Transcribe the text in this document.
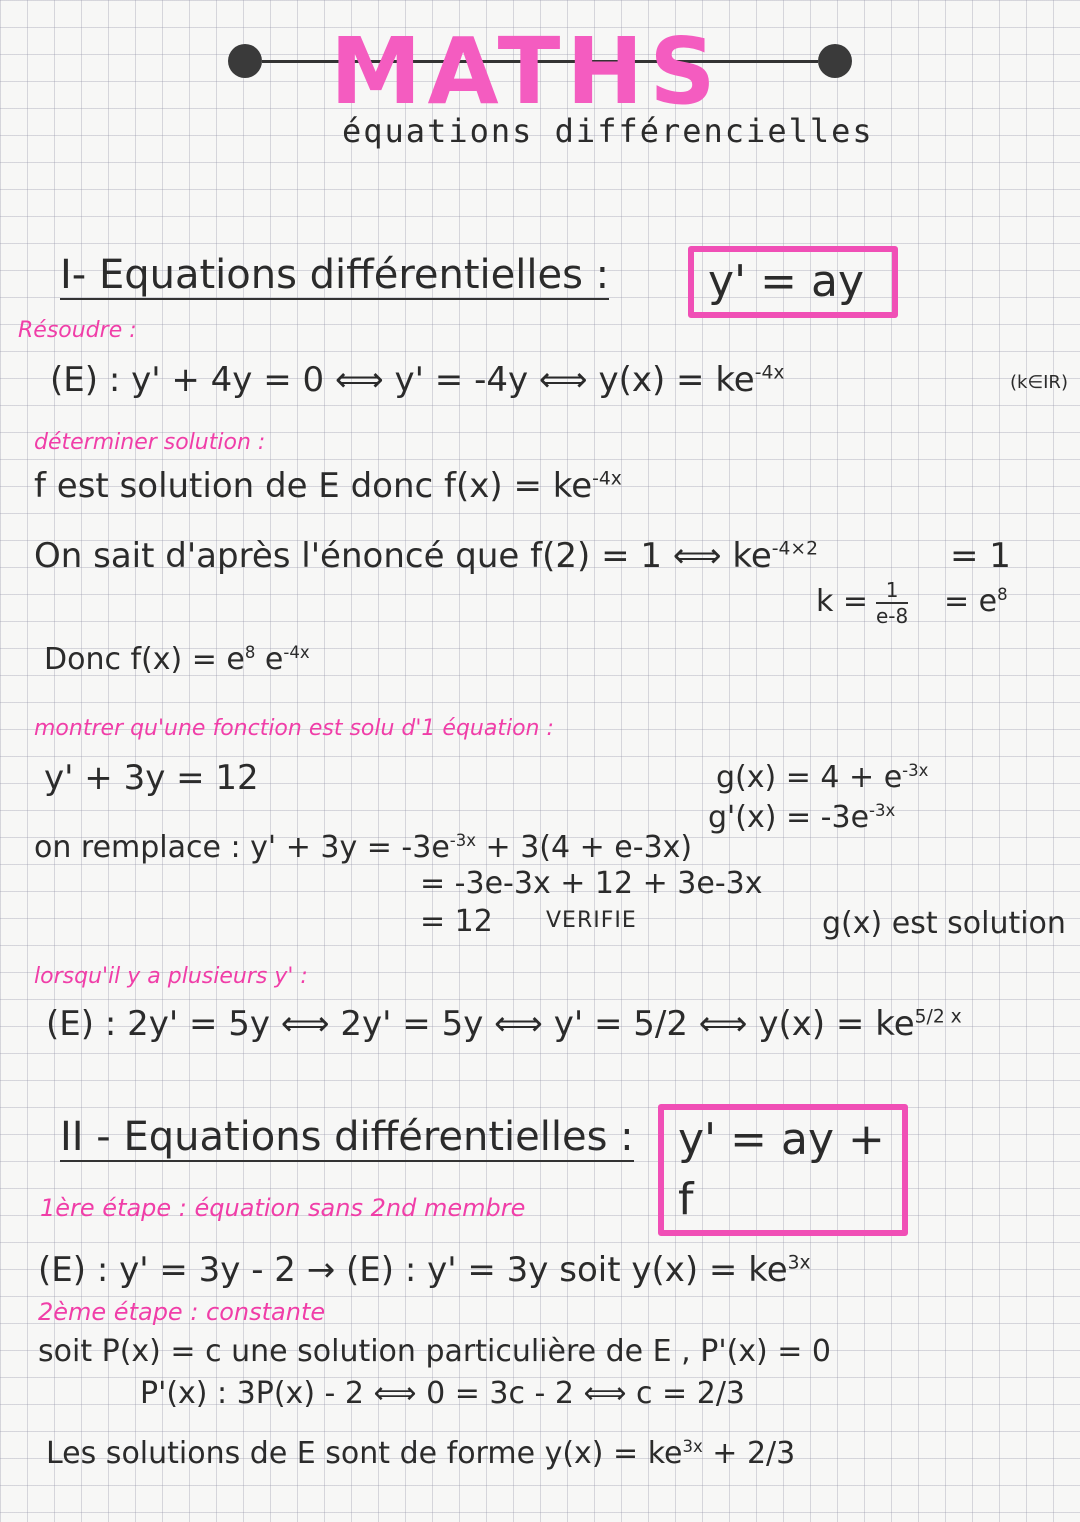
MATHS
équations différencielles
I- Equations différentielles :	y' = ay
Résoudre :
(E) : y' + 4y = 0 ⟺ y' = -4y ⟺ $y(x) = ke^{-4x}$	(k∈IR)
déterminer solution :
f est solution de E donc $f(x) = ke^{-4x}$
On sait d'après l'énoncé que f(2) = 1 ⟺ $ke^{-4\times 2}$	= 1
k = 1
$e-8 = e^8$
Donc $f(x) = e^8$ $e^{-4x}$
montrer qu'une fonction est solu d'1 équation :
y' + 3y = 12	$g(x) = 4 + e^{-3x}$
$g'(x) = -3e^{-3x}$
on remplace : $y' + 3y = -3e^{-3x} + 3(4 + e-3x)$
= -3e-3x + 12 + 3e-3x
= 12 VERIFIE	g(x) est solution
lorsqu'il y a plusieurs y' :
(E) : 2y' = 5y ⟺ 2y' = 5y ⟺ y' = 5/2 ⟺ $y(x) = ke^{5/2 x}$
II - Equations différentielles :	y' = ay + f
1ère étape : équation sans 2nd membre
(E) : y' = 3y - 2 → (E) : y' = 3y soit $y(x) = ke^{3x}$
2ème étape : constante
soit P(x) = c une solution particulière de E , P'(x) = 0
P'(x) : 3P(x) - 2 ⟺ 0 = 3c - 2 ⟺ c = 2/3
Les solutions de E sont de forme $y(x) = ke^{3x} + 2/3$
